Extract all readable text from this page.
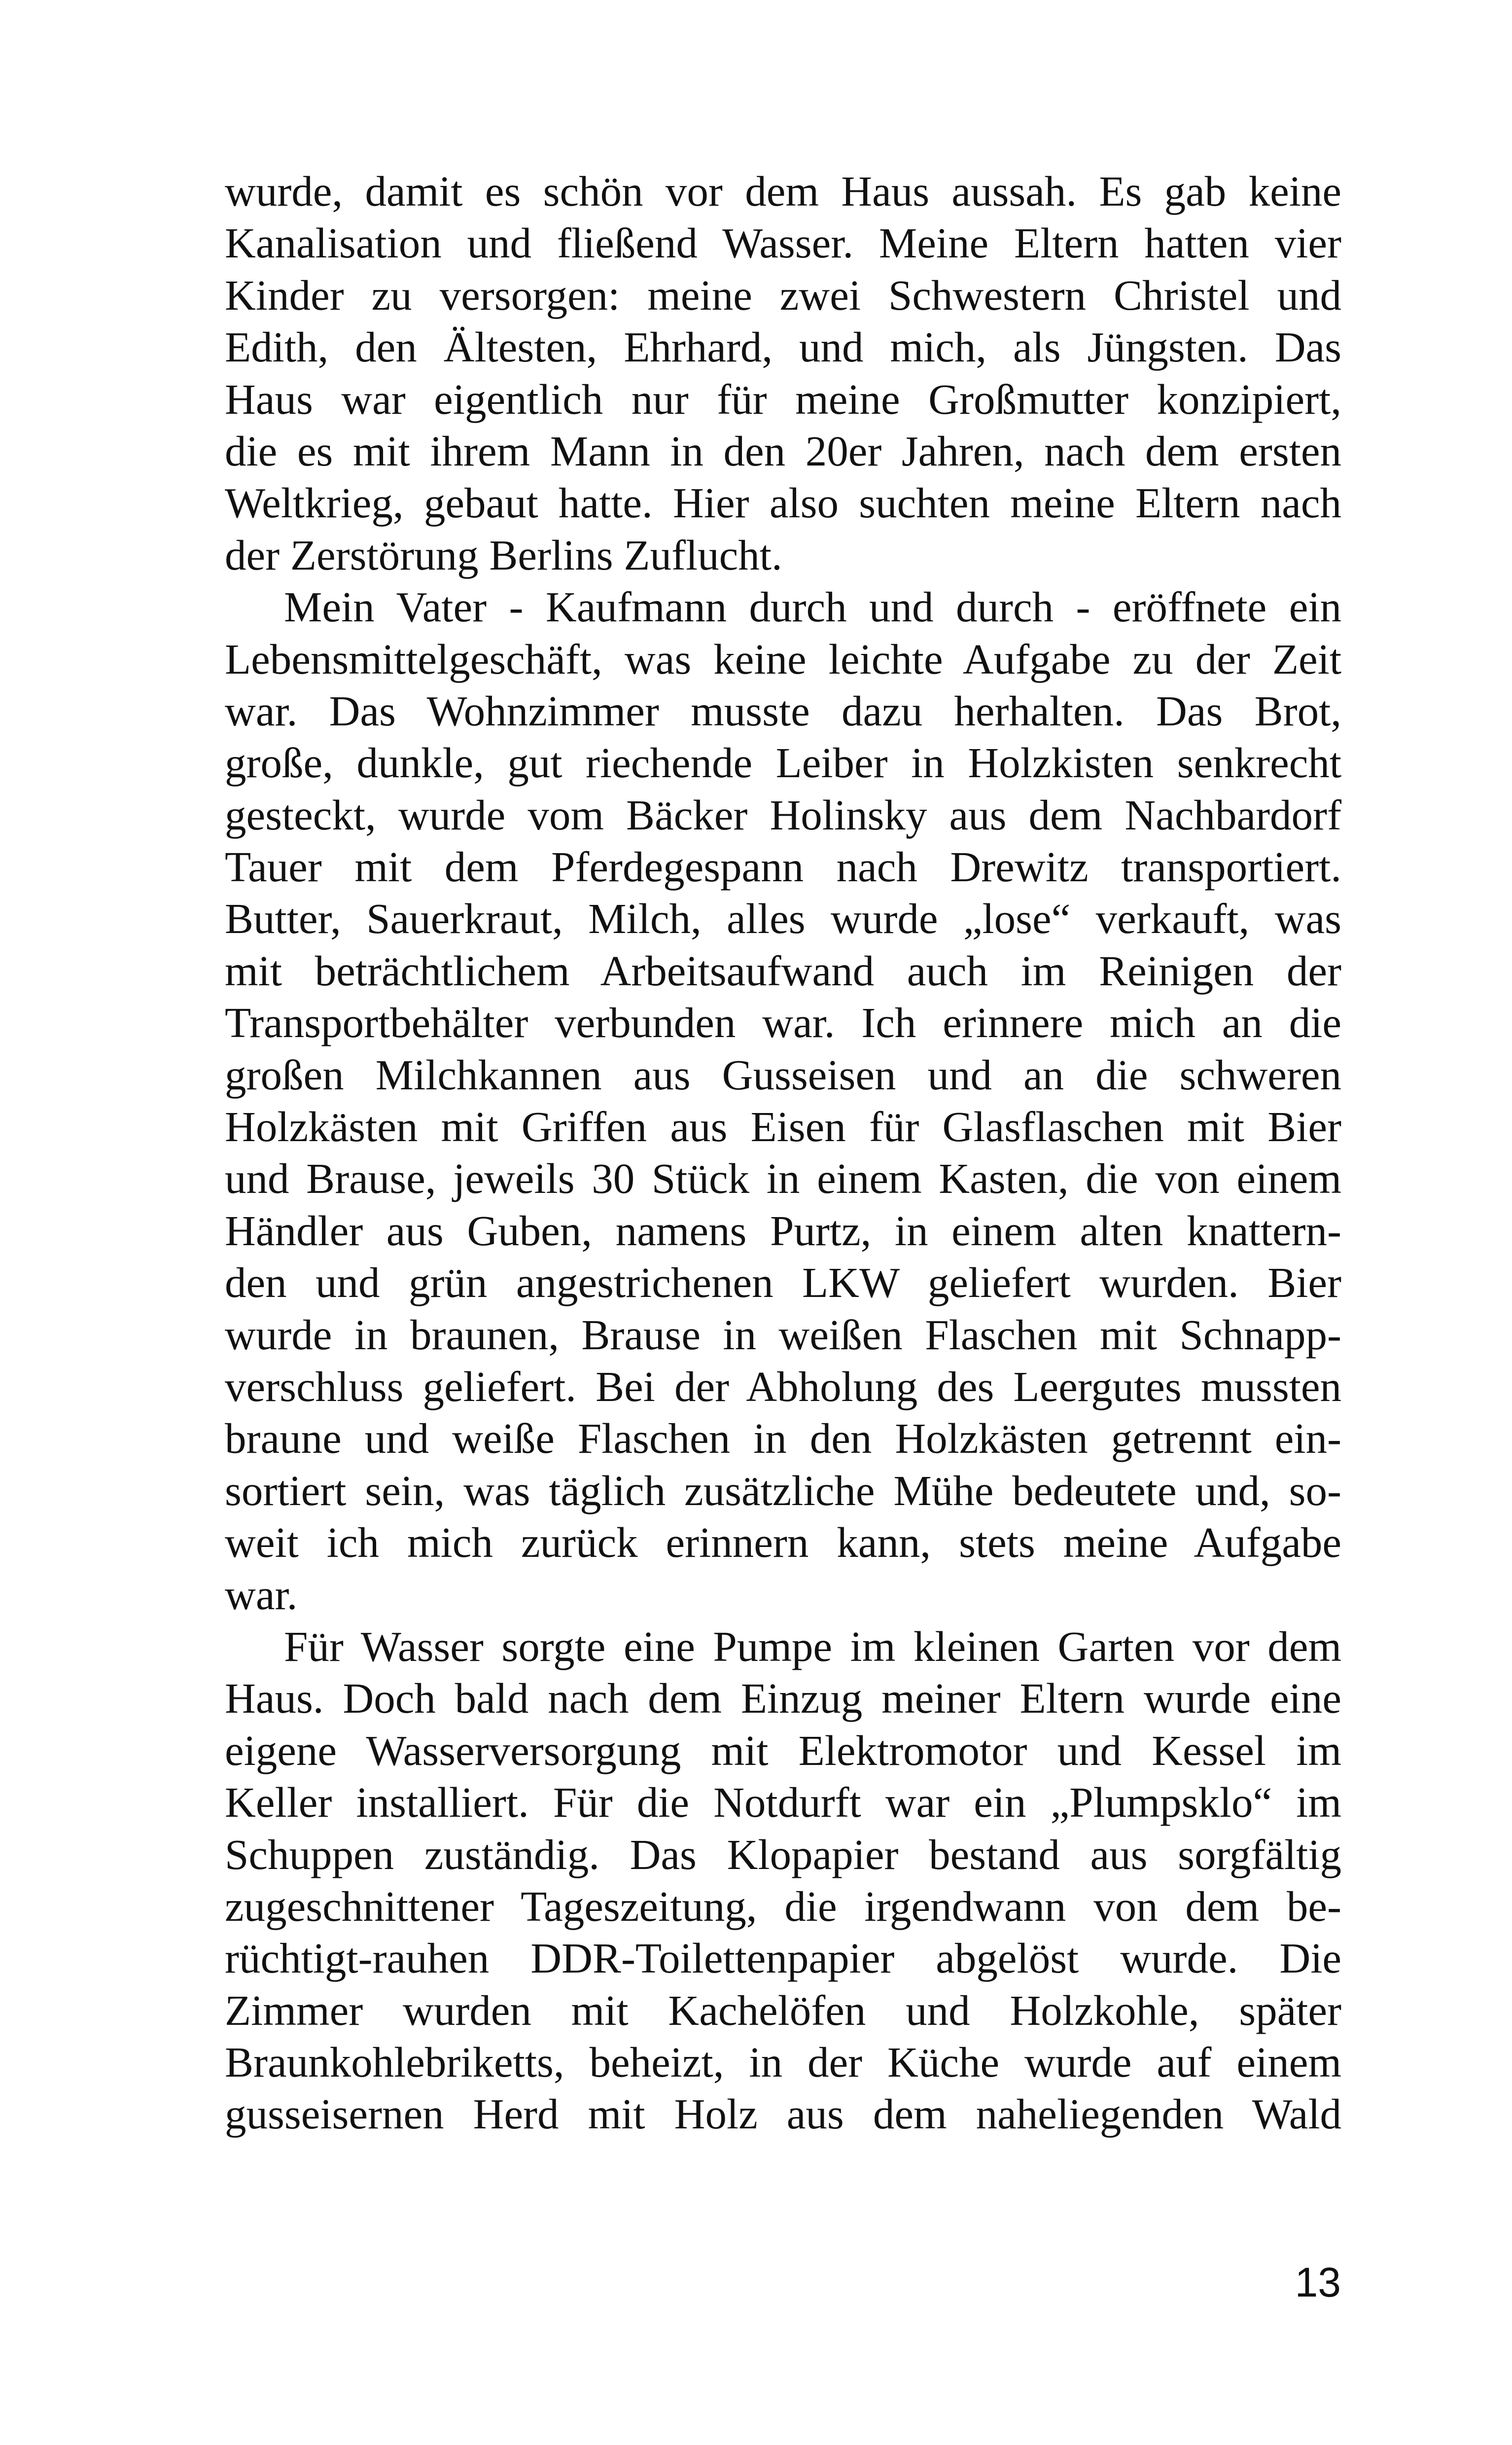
wurde, damit es schön vor dem Haus aussah. Es gab keine
Kanalisation und fließend Wasser. Meine Eltern hatten vier
Kinder zu versorgen: meine zwei Schwestern Christel und
Edith, den Ältesten, Ehrhard, und mich, als Jüngsten. Das
Haus war eigentlich nur für meine Großmutter konzipiert,
die es mit ihrem Mann in den 20er Jahren, nach dem ersten
Weltkrieg, gebaut hatte. Hier also suchten meine Eltern nach
der Zerstörung Berlins Zuflucht.
Mein Vater - Kaufmann durch und durch - eröffnete ein
Lebensmittelgeschäft, was keine leichte Aufgabe zu der Zeit
war. Das Wohnzimmer musste dazu herhalten. Das Brot,
große, dunkle, gut riechende Leiber in Holzkisten senkrecht
gesteckt, wurde vom Bäcker Holinsky aus dem Nachbardorf
Tauer mit dem Pferdegespann nach Drewitz transportiert.
Butter, Sauerkraut, Milch, alles wurde „lose“ verkauft, was
mit beträchtlichem Arbeitsaufwand auch im Reinigen der
Transportbehälter verbunden war. Ich erinnere mich an die
großen Milchkannen aus Gusseisen und an die schweren
Holzkästen mit Griffen aus Eisen für Glasflaschen mit Bier
und Brause, jeweils 30 Stück in einem Kasten, die von einem
Händler aus Guben, namens Purtz, in einem alten knattern-
den und grün angestrichenen LKW geliefert wurden. Bier
wurde in braunen, Brause in weißen Flaschen mit Schnapp-
verschluss geliefert. Bei der Abholung des Leergutes mussten
braune und weiße Flaschen in den Holzkästen getrennt ein-
sortiert sein, was täglich zusätzliche Mühe bedeutete und, so-
weit ich mich zurück erinnern kann, stets meine Aufgabe
war.
Für Wasser sorgte eine Pumpe im kleinen Garten vor dem
Haus. Doch bald nach dem Einzug meiner Eltern wurde eine
eigene Wasserversorgung mit Elektromotor und Kessel im
Keller installiert. Für die Notdurft war ein „Plumpsklo“ im
Schuppen zuständig. Das Klopapier bestand aus sorgfältig
zugeschnittener Tageszeitung, die irgendwann von dem be-
rüchtigt-rauhen DDR-Toilettenpapier abgelöst wurde. Die
Zimmer wurden mit Kachelöfen und Holzkohle, später
Braunkohlebriketts, beheizt, in der Küche wurde auf einem
gusseisernen Herd mit Holz aus dem naheliegenden Wald
13
